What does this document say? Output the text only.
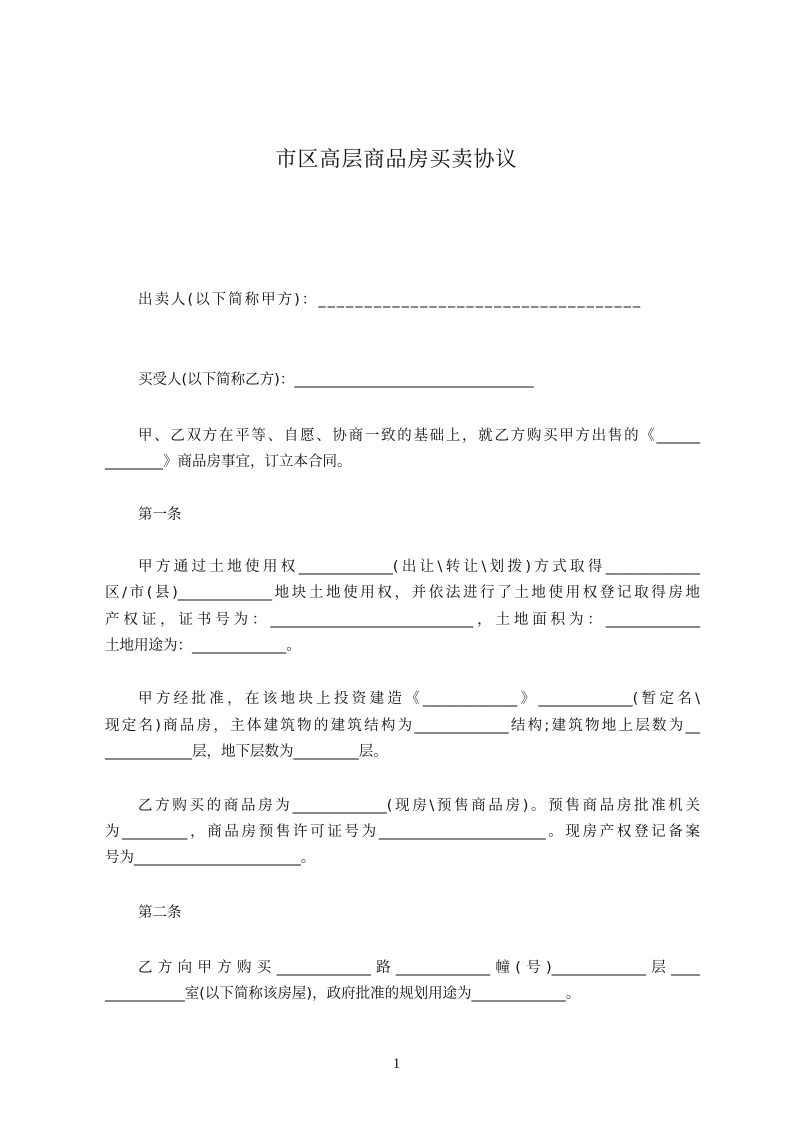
市区高层商品房买卖协议
出卖人(以下简称甲方)：___________________________________
买受人(以下简称乙方)：_________________________________
甲、乙双方在平等、自愿、协商一致的基础上，就乙方购买甲方出售的《______
________》商品房事宜，订立本合同。
第一条
甲方通过土地使用权_____________(出让\转让\划拨)方式取得_____________
区/市(县)_____________地块土地使用权，并依法进行了土地使用权登记取得房地
产权证，证书号为：____________________________，土地面积为：_____________
土地用途为：_____________。
甲方经批准，在该地块上投资建造《_____________》_____________(暂定名\
现定名)商品房，主体建筑物的建筑结构为_____________结构;建筑物地上层数为__
____________层，地下层数为_________层。
乙方购买的商品房为_____________(现房\预售商品房)。预售商品房批准机关
为_________，商品房预售许可证号为_______________________。现房产权登记备案
号为_______________________。
第二条
乙方向甲方购买_____________路_____________幢(号)_____________层____
___________室(以下简称该房屋)，政府批准的规划用途为_____________。
1
